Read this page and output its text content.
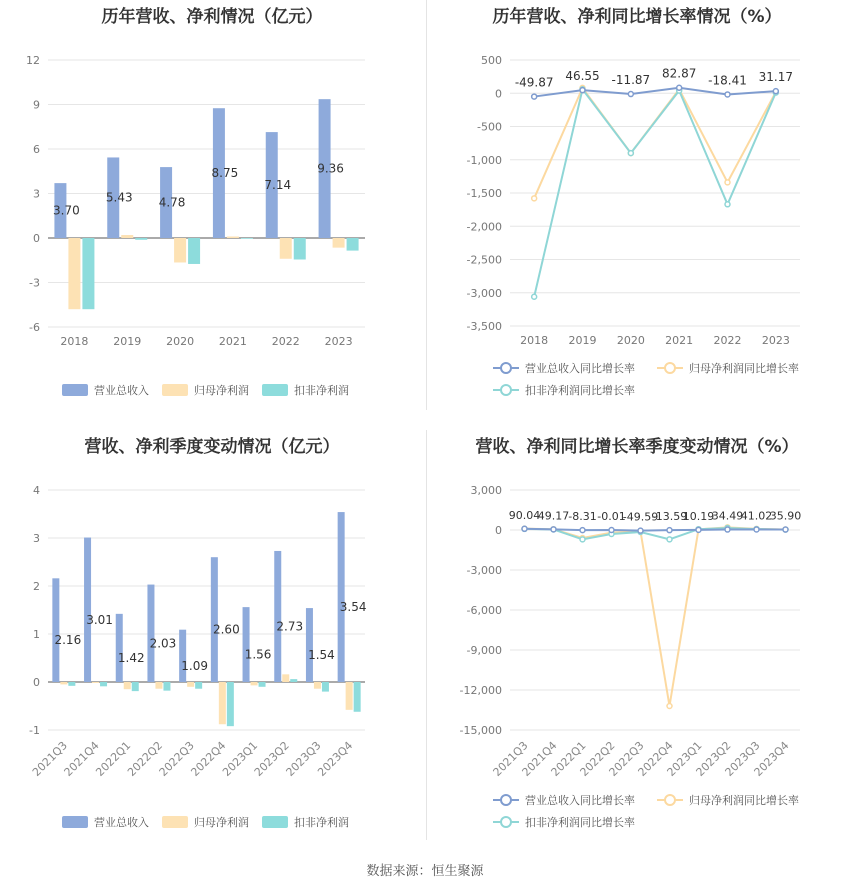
历年营收、净利情况（亿元）
-6
-3
0
3
6
9
12
3.70
2018
5.43
2019
4.78
2020
8.75
2021
7.14
2022
9.36
2023
营业总收入	归母净利润	扣非净利润
历年营收、净利同比增长率情况（%）
-3,500
-3,000
-2,500
-2,000
-1,500
-1,000
-500
0
500
-49.87
2018
46.55
2019
-11.87
2020
82.87
2021
-18.41
2022
31.17
2023
营业总收入同比增长率	归母净利润同比增长率
扣非净利润同比增长率
营收、净利季度变动情况（亿元）
-1
0
1
2
3
4
2.16
2021Q3
3.01
2021Q4
1.42
2022Q1
2.03
2022Q2
1.09
2022Q3
2.60
2022Q4
1.56
2023Q1
2.73
2023Q2
1.54
2023Q3
3.54
2023Q4
营业总收入	归母净利润	扣非净利润
营收、净利同比增长率季度变动情况（%）
-15,000
-12,000
-9,000
-6,000
-3,000
0
3,000
90.04
2021Q3
49.17
2021Q4
-8.31
2022Q1
-0.01
2022Q2
-49.59
2022Q3
-13.59
2022Q4
10.19
2023Q1
34.49
2023Q2
41.02
2023Q3
35.90
2023Q4
营业总收入同比增长率	归母净利润同比增长率
扣非净利润同比增长率
数据来源：恒生聚源
